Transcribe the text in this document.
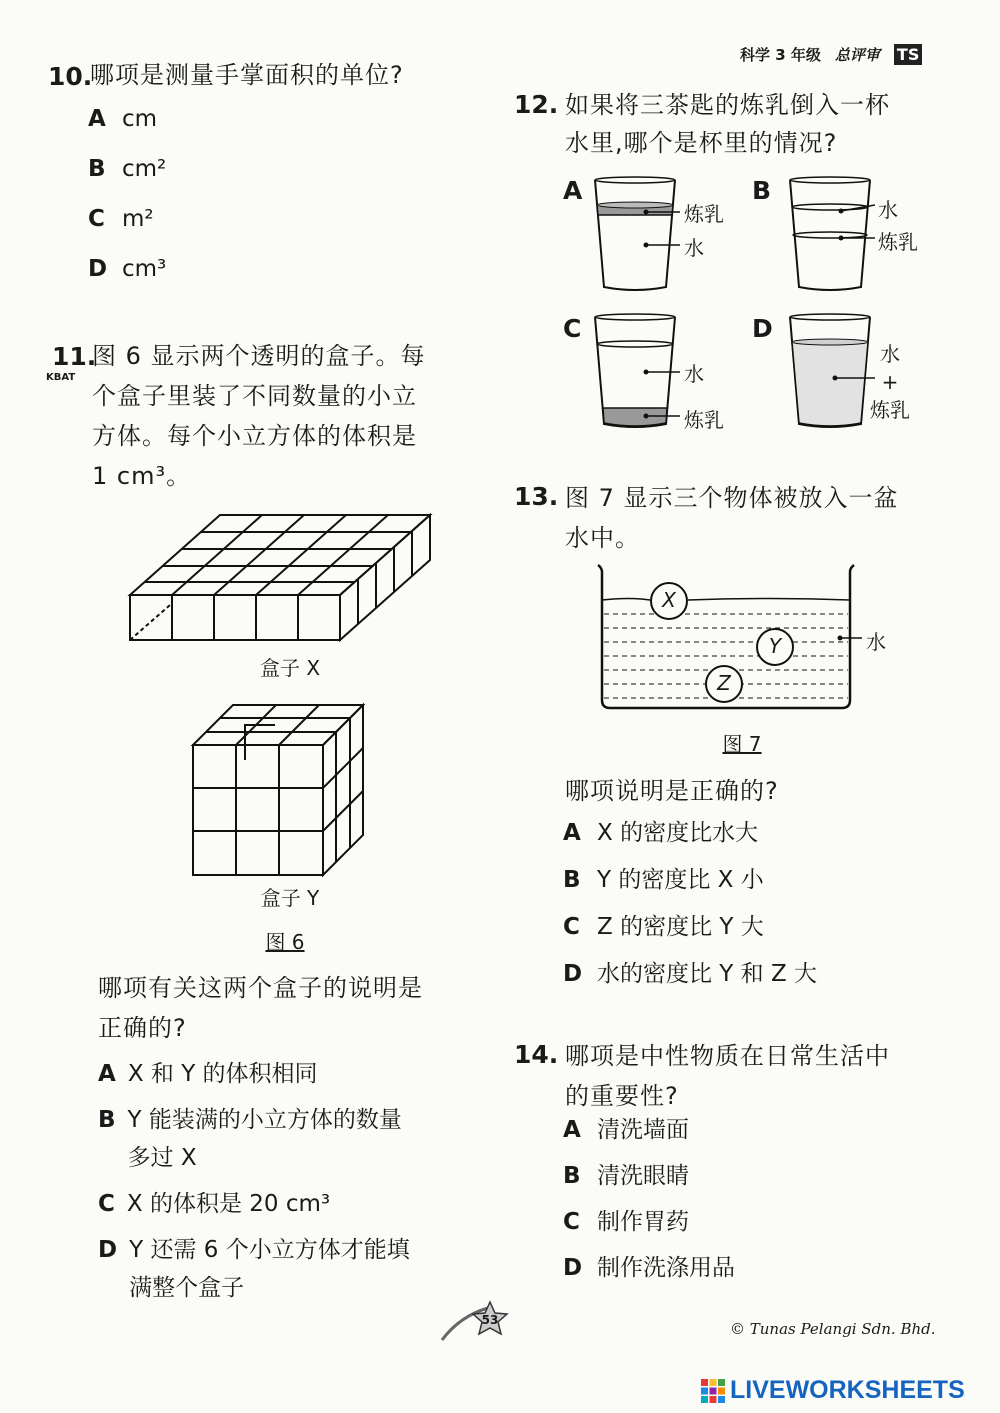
科学 3 年级 总评审 TS
10.
哪项是测量手掌面积的单位?
A cm
B cm²
C m²
D cm³
11.
KBAT
图 6 显示两个透明的盒子。每
个盒子里装了不同数量的小立
方体。每个小立方体的体积是
1 cm³。
盒子 X
盒子 Y
图 6
哪项有关这两个盒子的说明是
正确的?
A X 和 Y 的体积相同
B Y 能装满的小立方体的数量
多过 X
C X 的体积是 20 cm³
D Y 还需 6 个小立方体才能填
满整个盒子
12. 如果将三茶匙的炼乳倒入一杯
水里,哪个是杯里的情况?
A
炼乳
水
B
水
炼乳
C
水
炼乳
D
水
+
炼乳
13. 图 7 显示三个物体被放入一盆
水中。
X
Y
Z
水
图 7
哪项说明是正确的?
A X 的密度比水大
B Y 的密度比 X 小
C Z 的密度比 Y 大
D 水的密度比 Y 和 Z 大
14. 哪项是中性物质在日常生活中
的重要性?
A 清洗墙面
B 清洗眼睛
C 制作胃药
D 制作洗涤用品
53	© Tunas Pelangi Sdn. Bhd.
LIVEWORKSHEETS
